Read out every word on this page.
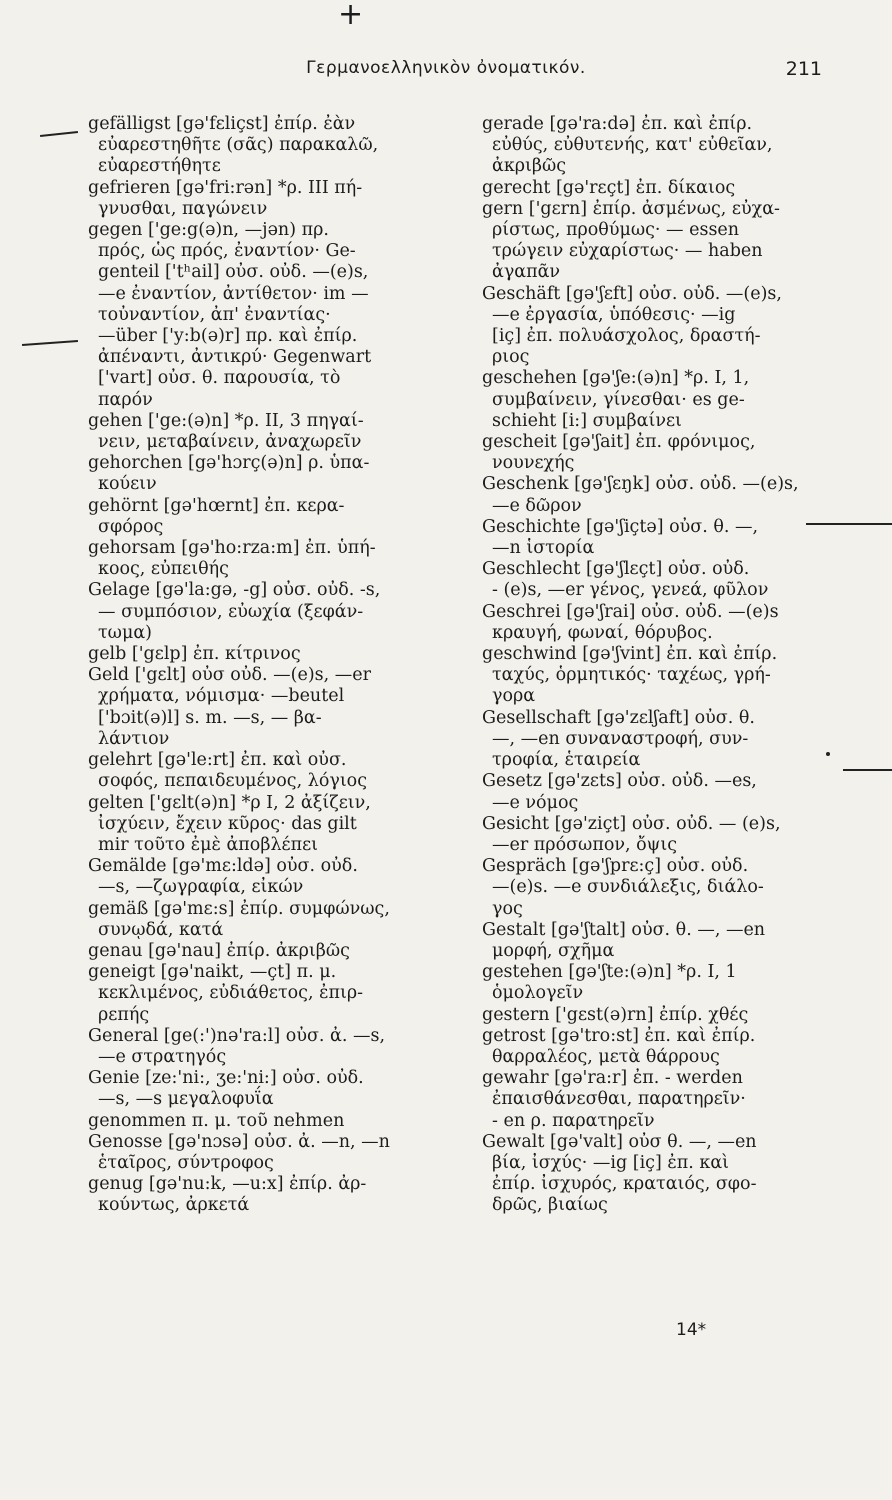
+
Γερμανοελληνικὸν ὀνοματικόν.	211
gefälligst [gə'fɛliçst] ἐπίρ. ἐὰν
εὐαρεστηθῆτε (σᾶς) παρακαλῶ,
εὐαρεστήθητε
gefrieren [gə'fri:rən] *ρ. III πή-
γνυσθαι, παγώνειν
gegen ['ge:g(ə)n, —jən) πρ.
πρός, ὡς πρός, ἐναντίον· Ge-
genteil ['tʰail] οὐσ. οὐδ. —(e)s,
—e ἐναντίον, ἀντίθετον· im —
τοὐναντίον, ἀπ' ἐναντίας·
—über ['y:b(ə)r] πρ. καὶ ἐπίρ.
ἀπέναντι, ἀντικρύ· Gegenwart
['vart] οὐσ. θ. παρουσία, τὸ
παρόν
gehen ['ge:(ə)n] *ρ. II, 3 πηγαί-
νειν, μεταβαίνειν, ἀναχωρεῖν
gehorchen [gə'hɔrç(ə)n] ρ. ὑπα-
κούειν
gehörnt [gə'hœrnt] ἐπ. κερα-
σφόρος
gehorsam [gə'ho:rza:m] ἐπ. ὑπή-
κοος, εὐπειθής
Gelage [gə'la:gə, -g] οὐσ. οὐδ. -s,
— συμπόσιον, εὐωχία (ξεφάν-
τωμα)
gelb ['gɛlp] ἐπ. κίτρινος
Geld ['gɛlt] οὐσ οὐδ. —(e)s, —er
χρήματα, νόμισμα· —beutel
['bɔit(ə)l] s. m. —s, — βα-
λάντιον
gelehrt [gə'le:rt] ἐπ. καὶ οὐσ.
σοφός, πεπαιδευμένος, λόγιος
gelten ['gɛlt(ə)n] *ρ I, 2 ἀξίζειν,
ἰσχύειν, ἔχειν κῦρος· das gilt
mir τοῦτο ἐμὲ ἀποβλέπει
Gemälde [gə'mɛ:ldə] οὐσ. οὐδ.
—s, —ζωγραφία, εἰκών
gemäß [gə'mɛ:s] ἐπίρ. συμφώνως,
συνῳδά, κατά
genau [gə'nau] ἐπίρ. ἀκριβῶς
geneigt [gə'naikt, —çt] π. μ.
κεκλιμένος, εὐδιάθετος, ἐπιρ-
ρεπής
General [ge(:')nə'ra:l] οὐσ. ἀ. —s,
—e στρατηγός
Genie [ze:'ni:, ʒe:'ni:] οὐσ. οὐδ.
—s, —s μεγαλοφυΐα
genommen π. μ. τοῦ nehmen
Genosse [gə'nɔsə] οὐσ. ἀ. —n, —n
ἑταῖρος, σύντροφος
genug [gə'nu:k, —u:x] ἐπίρ. ἀρ-
κούντως, ἀρκετά
gerade [gə'ra:də] ἐπ. καὶ ἐπίρ.
εὐθύς, εὐθυτενής, κατ' εὐθεῖαν,
ἀκριβῶς
gerecht [gə'rɛçt] ἐπ. δίκαιος
gern ['gɛrn] ἐπίρ. ἀσμένως, εὐχα-
ρίστως, προθύμως· — essen
τρώγειν εὐχαρίστως· — haben
ἀγαπᾶν
Geschäft [gə'ʃɛft] οὐσ. οὐδ. —(e)s,
—e ἐργασία, ὑπόθεσις· —ig
[iç] ἐπ. πολυάσχολος, δραστή-
ριος
geschehen [gə'ʃe:(ə)n] *ρ. I, 1,
συμβαίνειν, γίνεσθαι· es ge-
schieht [i:] συμβαίνει
gescheit [gə'ʃait] ἐπ. φρόνιμος,
νουνεχής
Geschenk [gə'ʃɛŋk] οὐσ. οὐδ. —(e)s,
—e δῶρον
Geschichte [gə'ʃiçtə] οὐσ. θ. —,
—n ἱστορία
Geschlecht [gə'ʃlɛçt] οὐσ. οὐδ.
- (e)s, —er γένος, γενεά, φῦλον
Geschrei [gə'ʃrai] οὐσ. οὐδ. —(e)s
κραυγή, φωναί, θόρυβος.
geschwind [gə'ʃvint] ἐπ. καὶ ἐπίρ.
ταχύς, ὁρμητικός· ταχέως, γρή-
γορα
Gesellschaft [gə'zɛlʃaft] οὐσ. θ.
—, —en συναναστροφή, συν-
τροφία, ἑταιρεία
Gesetz [gə'zɛts] οὐσ. οὐδ. —es,
—e νόμος
Gesicht [gə'ziçt] οὐσ. οὐδ. — (e)s,
—er πρόσωπον, ὄψις
Gespräch [gə'ʃprɛ:ç] οὐσ. οὐδ.
—(e)s. —e συνδιάλεξις, διάλο-
γος
Gestalt [gə'ʃtalt] οὐσ. θ. —, —en
μορφή, σχῆμα
gestehen [gə'ʃte:(ə)n] *ρ. I, 1
ὁμολογεῖν
gestern ['gɛst(ə)rn] ἐπίρ. χθές
getrost [gə'tro:st] ἐπ. καὶ ἐπίρ.
θαρραλέος, μετὰ θάρρους
gewahr [gə'ra:r] ἐπ. - werden
ἐπαισθάνεσθαι, παρατηρεῖν·
- en ρ. παρατηρεῖν
Gewalt [gə'valt] οὐσ θ. —, —en
βία, ἰσχύς· —ig [iç] ἐπ. καὶ
ἐπίρ. ἰσχυρός, κραταιός, σφο-
δρῶς, βιαίως
14*
